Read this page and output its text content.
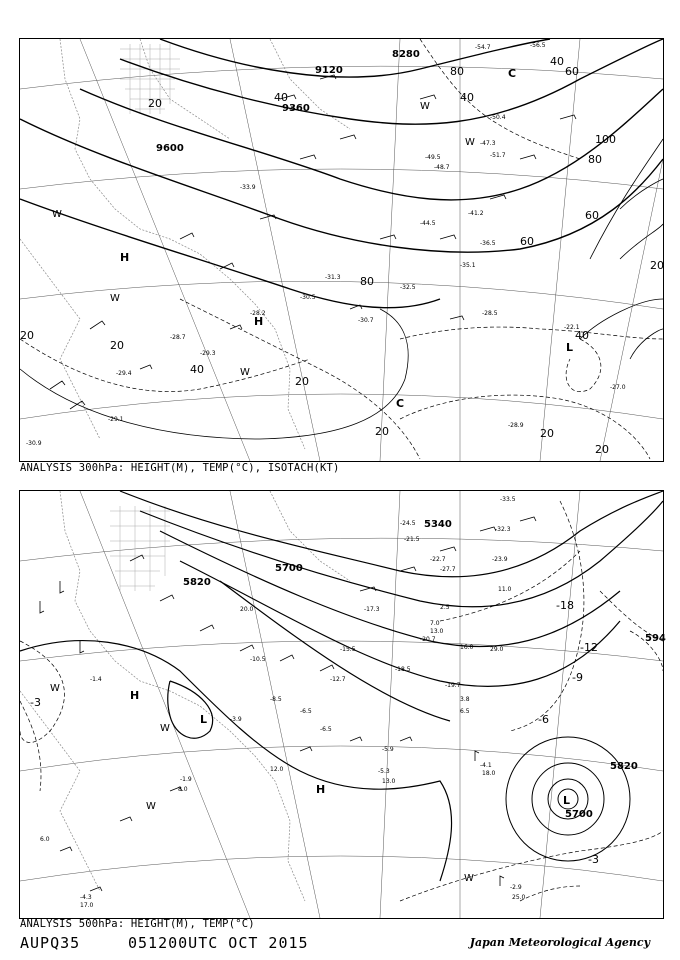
8280
9120
9360
9600
20
20
20
20
20	20
20
20
40
40
40
40
40
60
60
60
80
80
80
100
H
H
C
C
L
W
W
W
W
W
-28.7
-29.4
-30.5
-28.2
-29.3
-30.7
-32.5
-35.1
-36.5
-41.2
-44.5
-47.3
-48.7
-50.4
-49.5	-51.7
-54.7	-56.5
-28.5
-28.9
-27.0
-22.1
-29.1
-30.9
-33.9
-31.3
ANALYSIS 300hPa: HEIGHT(M), TEMP(°C), ISOTACH(KT)
5340
5700
5820
5820
5700
594
-3
-3
-6
-9
-12
-18
H
H
L
L
W
W
W
W
-5.3
-5.9
-6.5
-8.5
-10.5
-12.7
-15.5
-17.3
-18.5
-19.7
-20.7
-21.5
-22.7	-23.9
-24.5
-27.7
-32.3
-33.5
-4.1
-2.9
-4.3
-1.9
-3.9
-1.4
-6.5
8.0
13.0
18.0
25.0
17.0
6.0
12.0
11.0
2.5
3.8
6.5
7.0
13.0
16.0
20.0
29.0
ANALYSIS 500hPa: HEIGHT(M), TEMP(°C)
AUPQ35	051200UTC OCT 2015	Japan Meteorological Agency
